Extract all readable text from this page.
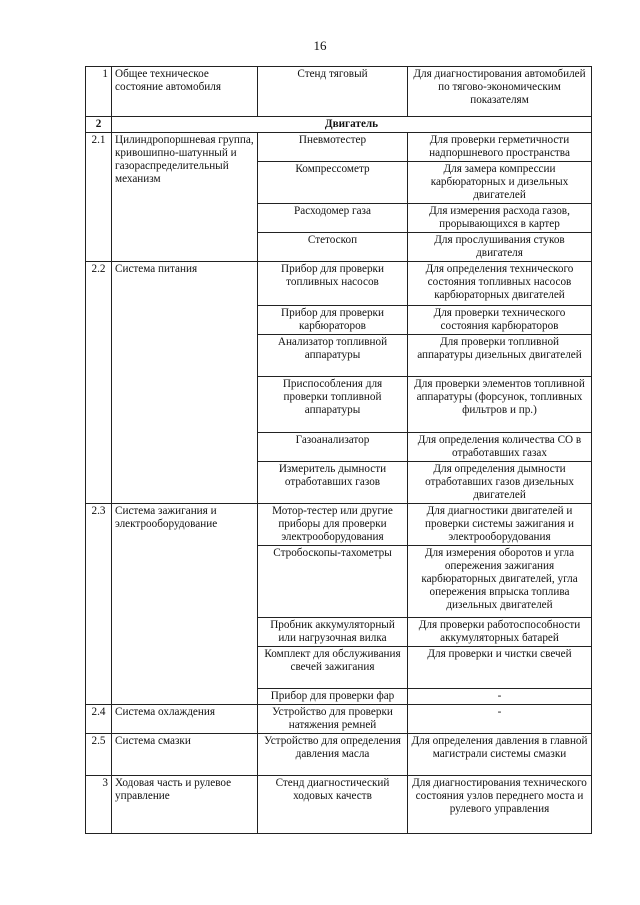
16
1	Общее техническое состояние автомобиля	Стенд тяговый	Для диагностирования автомобилей по тягово-экономическим показателям
2	Двигатель		
2.1	Цилиндропоршневая группа, кривошипно-шатунный и газораспределительный механизм	Пневмотестер	Для проверки герметичности надпоршневого пространства
		Компрессометр	Для замера компрессии карбюраторных и дизельных двигателей
		Расходомер газа	Для измерения расхода газов, прорывающихся в картер
		Стетоскоп	Для прослушивания стуков двигателя
2.2	Система питания	Прибор для проверки топливных насосов	Для определения технического состояния топливных насосов карбюраторных двигателей
		Прибор для проверки карбюраторов	Для проверки технического состояния карбюраторов
		Анализатор топливной аппаратуры	Для проверки топливной аппаратуры дизельных двигателей
		Приспособления для проверки топливной аппаратуры	Для проверки элементов топливной аппаратуры (форсунок, топливных фильтров и пр.)
		Газоанализатор	Для определения количества СО в отработавших газах
		Измеритель дымности отработавших газов	Для определения дымности отработавших газов дизельных двигателей
2.3	Система зажигания и электрооборудование	Мотор-тестер или другие приборы для проверки электрооборудования	Для диагностики двигателей и проверки системы зажигания и электрооборудования
		Стробоскопы-тахометры	Для измерения оборотов и угла опережения зажигания карбюраторных двигателей, угла опережения впрыска топлива дизельных двигателей
		Пробник аккумуляторный или нагрузочная вилка	Для проверки работоспособности аккумуляторных батарей
		Комплект для обслуживания свечей зажигания	Для проверки и чистки свечей
		Прибор для проверки фар	-
2.4	Система охлаждения	Устройство для проверки натяжения ремней	-
2.5	Система смазки	Устройство для определения давления масла	Для определения давления в главной магистрали системы смазки
3	Ходовая часть и рулевое управление	Стенд диагностический ходовых качеств	Для диагностирования технического состояния узлов переднего моста и рулевого управления
